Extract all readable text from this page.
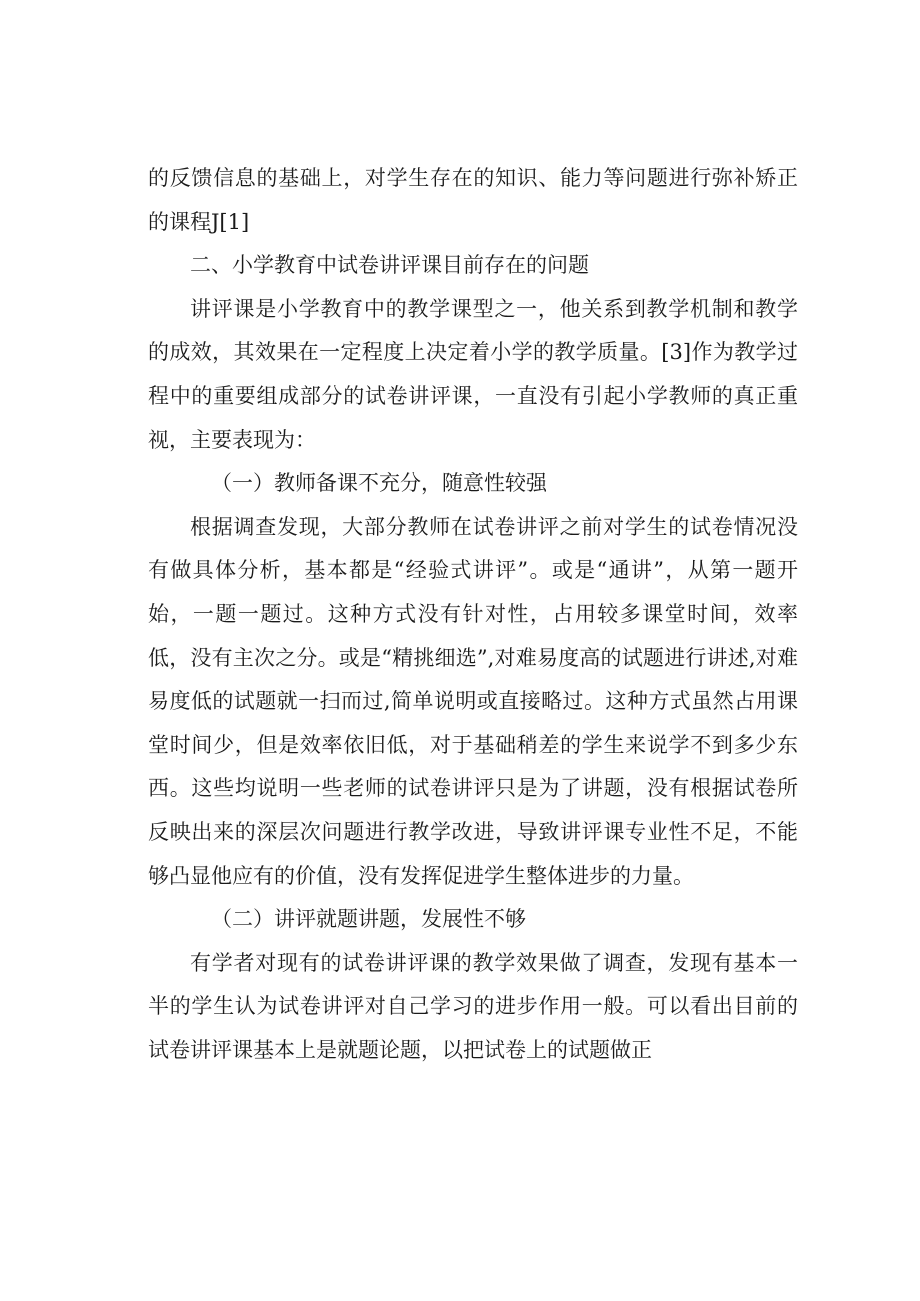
的反馈信息的基础上，对学生存在的知识、能力等问题进行弥补矫正的课程J[1]

二、小学教育中试卷讲评课目前存在的问题

讲评课是小学教育中的教学课型之一，他关系到教学机制和教学的成效，其效果在一定程度上决定着小学的教学质量。[3]作为教学过程中的重要组成部分的试卷讲评课，一直没有引起小学教师的真正重视，主要表现为：

（一）教师备课不充分，随意性较强

根据调查发现，大部分教师在试卷讲评之前对学生的试卷情况没有做具体分析，基本都是“经验式讲评”。或是“通讲”，从第一题开始，一题一题过。这种方式没有针对性，占用较多课堂时间，效率低，没有主次之分。或是“精挑细选”,对难易度高的试题进行讲述,对难易度低的试题就一扫而过,简单说明或直接略过。这种方式虽然占用课堂时间少，但是效率依旧低，对于基础稍差的学生来说学不到多少东西。这些均说明一些老师的试卷讲评只是为了讲题，没有根据试卷所反映出来的深层次问题进行教学改进，导致讲评课专业性不足，不能够凸显他应有的价值，没有发挥促进学生整体进步的力量。

（二）讲评就题讲题，发展性不够

有学者对现有的试卷讲评课的教学效果做了调查，发现有基本一半的学生认为试卷讲评对自己学习的进步作用一般。可以看出目前的试卷讲评课基本上是就题论题，以把试卷上的试题做正
